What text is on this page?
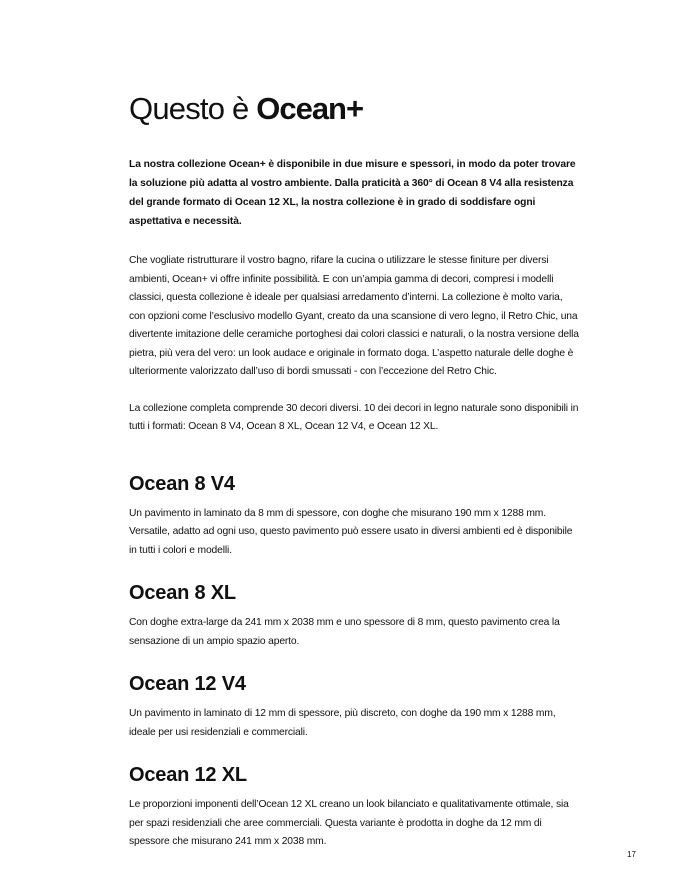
Questo è Ocean+

La nostra collezione Ocean+ è disponibile in due misure e spessori, in modo da poter trovare la soluzione più adatta al vostro ambiente. Dalla praticità a 360° di Ocean 8 V4 alla resistenza del grande formato di Ocean 12 XL, la nostra collezione è in grado di soddisfare ogni aspettativa e necessità.

Che vogliate ristrutturare il vostro bagno, rifare la cucina o utilizzare le stesse finiture per diversi ambienti, Ocean+ vi offre infinite possibilità. E con un’ampia gamma di decori, compresi i modelli classici, questa collezione è ideale per qualsiasi arredamento d’interni. La collezione è molto varia, con opzioni come l’esclusivo modello Gyant, creato da una scansione di vero legno, il Retro Chic, una divertente imitazione delle ceramiche portoghesi dai colori classici e naturali, o la nostra versione della pietra, più vera del vero: un look audace e originale in formato doga. L’aspetto naturale delle doghe è ulteriormente valorizzato dall’uso di bordi smussati - con l’eccezione del Retro Chic.

La collezione completa comprende 30 decori diversi. 10 dei decori in legno naturale sono disponibili in tutti i formati: Ocean 8 V4, Ocean 8 XL, Ocean 12 V4, e Ocean 12 XL.

Ocean 8 V4

Un pavimento in laminato da 8 mm di spessore, con doghe che misurano 190 mm x 1288 mm. Versatile, adatto ad ogni uso, questo pavimento può essere usato in diversi ambienti ed è disponibile in tutti i colori e modelli.

Ocean 8 XL

Con doghe extra-large da 241 mm x 2038 mm e uno spessore di 8 mm, questo pavimento crea la sensazione di un ampio spazio aperto.

Ocean 12 V4

Un pavimento in laminato di 12 mm di spessore, più discreto, con doghe da 190 mm x 1288 mm, ideale per usi residenziali e commerciali.

Ocean 12 XL

Le proporzioni imponenti dell’Ocean 12 XL creano un look bilanciato e qualitativamente ottimale, sia per spazi residenziali che aree commerciali. Questa variante è prodotta in doghe da 12 mm di spessore che misurano 241 mm x 2038 mm.

17
